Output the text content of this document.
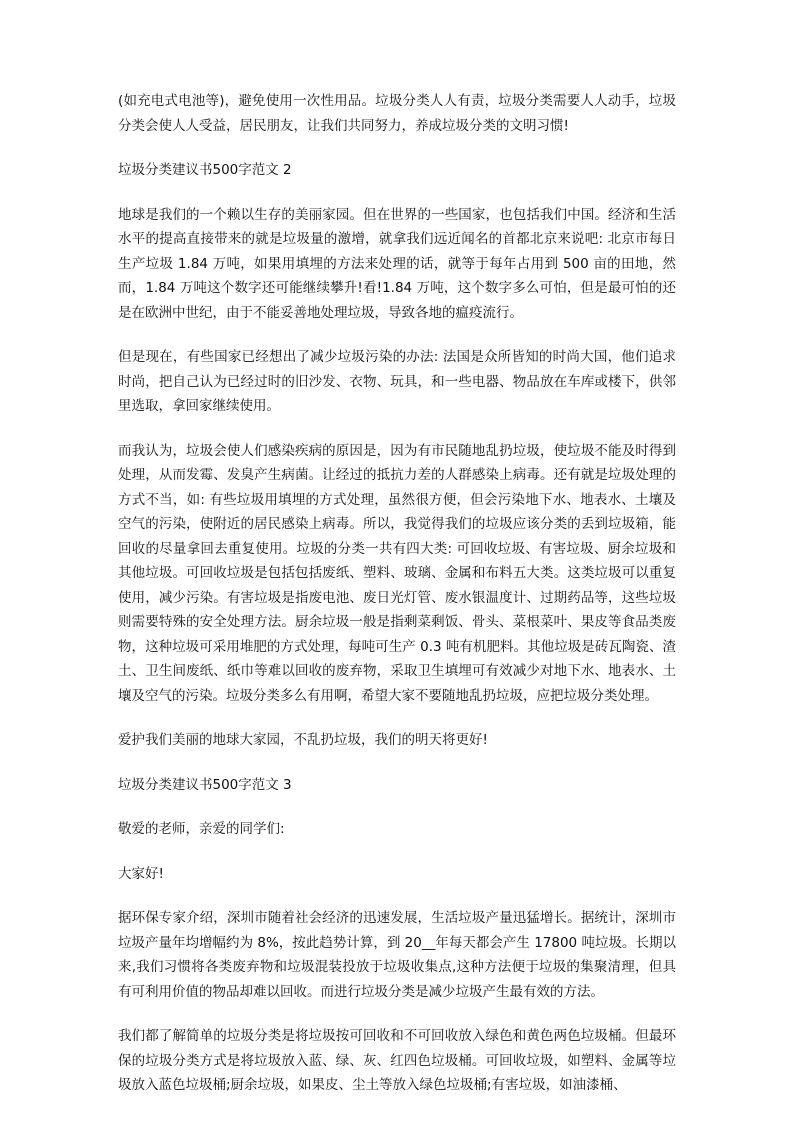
(如充电式电池等)，避免使用一次性用品。垃圾分类人人有责，垃圾分类需要人人动手，垃圾分类会使人人受益，居民朋友，让我们共同努力，养成垃圾分类的文明习惯!

垃圾分类建议书500字范文 2

地球是我们的一个赖以生存的美丽家园。但在世界的一些国家，也包括我们中国。经济和生活水平的提高直接带来的就是垃圾量的激增，就拿我们远近闻名的首都北京来说吧: 北京市每日生产垃圾 1.84 万吨，如果用填埋的方法来处理的话，就等于每年占用到 500 亩的田地，然而，1.84 万吨这个数字还可能继续攀升!看!1.84 万吨，这个数字多么可怕，但是最可怕的还是在欧洲中世纪，由于不能妥善地处理垃圾，导致各地的瘟疫流行。

但是现在，有些国家已经想出了减少垃圾污染的办法: 法国是众所皆知的时尚大国，他们追求时尚，把自己认为已经过时的旧沙发、衣物、玩具，和一些电器、物品放在车库或楼下，供邻里选取，拿回家继续使用。

而我认为，垃圾会使人们感染疾病的原因是，因为有市民随地乱扔垃圾，使垃圾不能及时得到处理，从而发霉、发臭产生病菌。让经过的抵抗力差的人群感染上病毒。还有就是垃圾处理的方式不当，如: 有些垃圾用填埋的方式处理，虽然很方便，但会污染地下水、地表水、土壤及空气的污染，使附近的居民感染上病毒。所以，我觉得我们的垃圾应该分类的丢到垃圾箱，能回收的尽量拿回去重复使用。垃圾的分类一共有四大类: 可回收垃圾、有害垃圾、厨余垃圾和其他垃圾。可回收垃圾是包括包括废纸、塑料、玻璃、金属和布料五大类。这类垃圾可以重复使用，减少污染。有害垃圾是指废电池、废日光灯管、废水银温度计、过期药品等，这些垃圾则需要特殊的安全处理方法。厨余垃圾一般是指剩菜剩饭、骨头、菜根菜叶、果皮等食品类废物，这种垃圾可采用堆肥的方式处理，每吨可生产 0.3 吨有机肥料。其他垃圾是砖瓦陶瓷、渣土、卫生间废纸、纸巾等难以回收的废弃物，采取卫生填埋可有效减少对地下水、地表水、土壤及空气的污染。垃圾分类多么有用啊，希望大家不要随地乱扔垃圾，应把垃圾分类处理。

爱护我们美丽的地球大家园，不乱扔垃圾，我们的明天将更好!

垃圾分类建议书500字范文 3

敬爱的老师，亲爱的同学们:

大家好!

据环保专家介绍，深圳市随着社会经济的迅速发展，生活垃圾产量迅猛增长。据统计，深圳市垃圾产量年均增幅约为 8%，按此趋势计算，到 20__年每天都会产生 17800 吨垃圾。长期以来,我们习惯将各类废弃物和垃圾混装投放于垃圾收集点,这种方法便于垃圾的集聚清理，但具有可利用价值的物品却难以回收。而进行垃圾分类是减少垃圾产生最有效的方法。

我们都了解简单的垃圾分类是将垃圾按可回收和不可回收放入绿色和黄色两色垃圾桶。但最环保的垃圾分类方式是将垃圾放入蓝、绿、灰、红四色垃圾桶。可回收垃圾，如塑料、金属等垃圾放入蓝色垃圾桶;厨余垃圾，如果皮、尘土等放入绿色垃圾桶;有害垃圾，如油漆桶、
